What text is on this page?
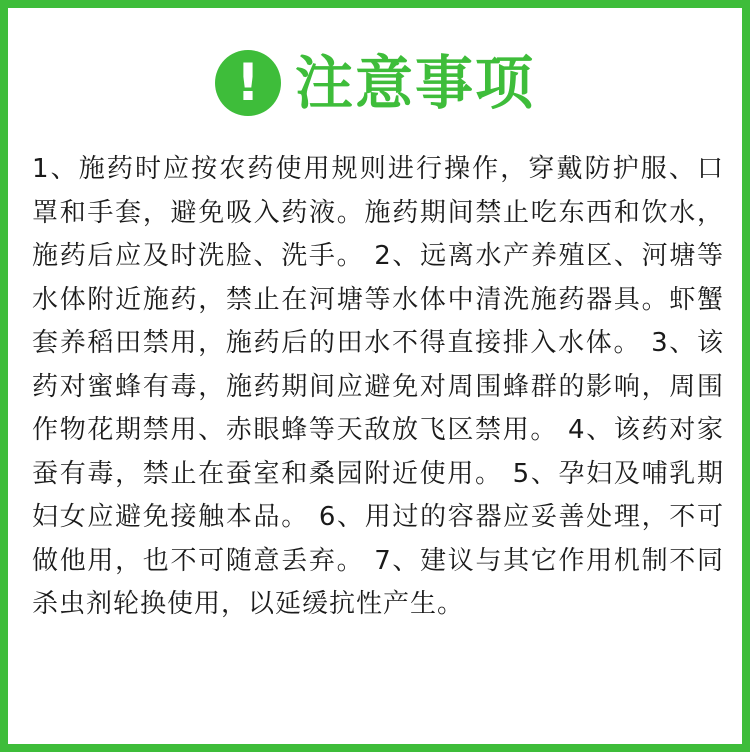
! 注意事项

1、施药时应按农药使用规则进行操作，穿戴防护服、口罩和手套，避免吸入药液。施药期间禁止吃东西和饮水，施药后应及时洗脸、洗手。 2、远离水产养殖区、河塘等水体附近施药，禁止在河塘等水体中清洗施药器具。虾蟹套养稻田禁用，施药后的田水不得直接排入水体。 3、该药对蜜蜂有毒，施药期间应避免对周围蜂群的影响，周围作物花期禁用、赤眼蜂等天敌放飞区禁用。 4、该药对家蚕有毒，禁止在蚕室和桑园附近使用。 5、孕妇及哺乳期妇女应避免接触本品。 6、用过的容器应妥善处理，不可做他用，也不可随意丢弃。 7、建议与其它作用机制不同杀虫剂轮换使用，以延缓抗性产生。
